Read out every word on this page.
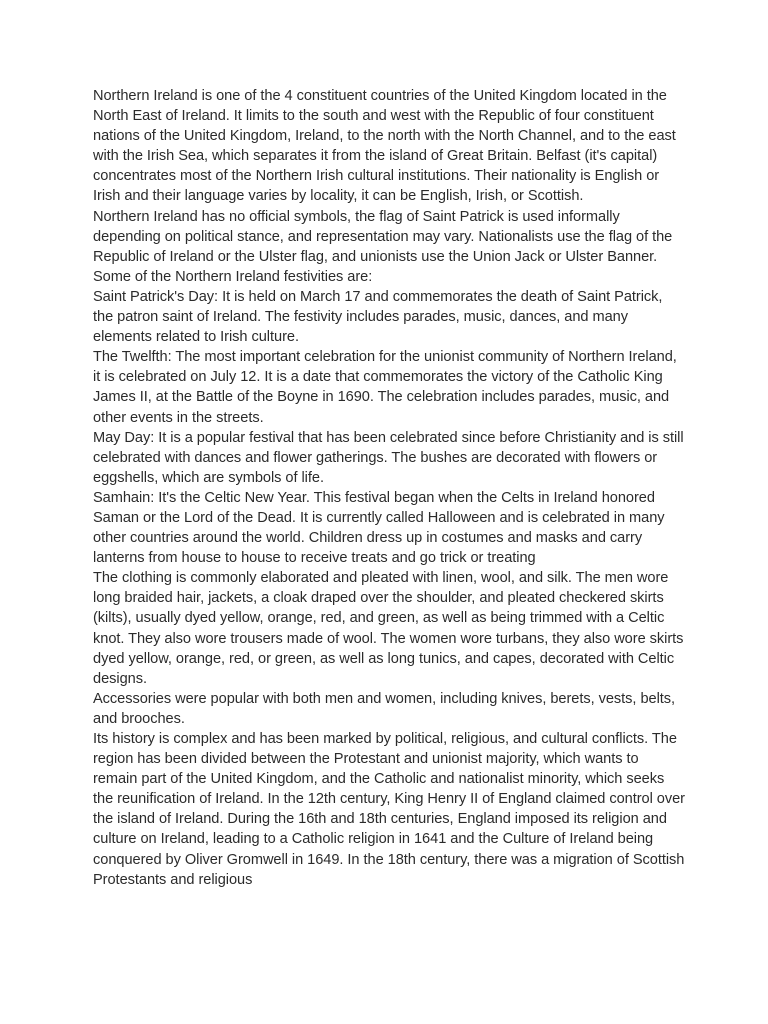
Northern Ireland is one of the 4 constituent countries of the United Kingdom located in the North East of Ireland. It limits to the south and west with the Republic of four constituent nations of the United Kingdom, Ireland, to the north with the North Channel, and to the east with the Irish Sea, which separates it from the island of Great Britain. Belfast (it's capital) concentrates most of the Northern Irish cultural institutions. Their nationality is English or Irish and their language varies by locality, it can be English, Irish, or Scottish.

Northern Ireland has no official symbols, the flag of Saint Patrick is used informally depending on political stance, and representation may vary. Nationalists use the flag of the Republic of Ireland or the Ulster flag, and unionists use the Union Jack or Ulster Banner. Some of the Northern Ireland festivities are:

Saint Patrick's Day: It is held on March 17 and commemorates the death of Saint Patrick, the patron saint of Ireland. The festivity includes parades, music, dances, and many elements related to Irish culture.

The Twelfth: The most important celebration for the unionist community of Northern Ireland, it is celebrated on July 12. It is a date that commemorates the victory of the Catholic King James II, at the Battle of the Boyne in 1690. The celebration includes parades, music, and other events in the streets.

May Day: It is a popular festival that has been celebrated since before Christianity and is still celebrated with dances and flower gatherings. The bushes are decorated with flowers or eggshells, which are symbols of life.

Samhain: It's the Celtic New Year. This festival began when the Celts in Ireland honored Saman or the Lord of the Dead. It is currently called Halloween and is celebrated in many other countries around the world. Children dress up in costumes and masks and carry lanterns from house to house to receive treats and go trick or treating

The clothing is commonly elaborated and pleated with linen, wool, and silk. The men wore long braided hair, jackets, a cloak draped over the shoulder, and pleated checkered skirts (kilts), usually dyed yellow, orange, red, and green, as well as being trimmed with a Celtic knot. They also wore trousers made of wool. The women wore turbans, they also wore skirts dyed yellow, orange, red, or green, as well as long tunics, and capes, decorated with Celtic designs.

Accessories were popular with both men and women, including knives, berets, vests, belts, and brooches.

Its history is complex and has been marked by political, religious, and cultural conflicts. The region has been divided between the Protestant and unionist majority, which wants to remain part of the United Kingdom, and the Catholic and nationalist minority, which seeks the reunification of Ireland. In the 12th century, King Henry II of England claimed control over the island of Ireland. During the 16th and 18th centuries, England imposed its religion and culture on Ireland, leading to a Catholic religion in 1641 and the Culture of Ireland being conquered by Oliver Gromwell in 1649. In the 18th century, there was a migration of Scottish Protestants and religious
